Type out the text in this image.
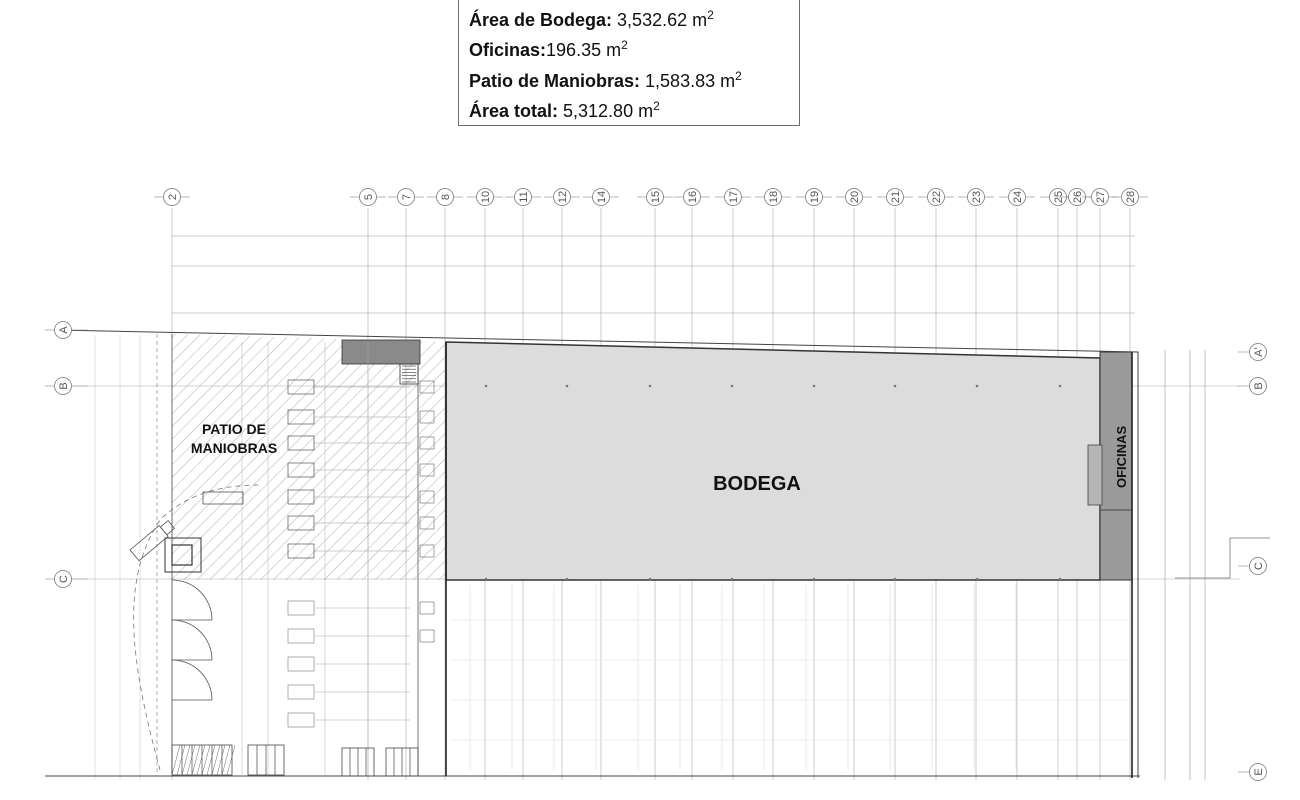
Área de Bodega: 3,532.62 $m^2$
Oficinas:196.35 $m^2$
Patio de Maniobras: 1,583.83 $m^2$
Área total: 5,312.80 $m^2$
2	5 7 8	10 11 12 14	15 16	17	18	19	20	21	22	23	24	25 26 27 28
A
B
C
A'
B
C
E
PATIO DE
MANIOBRAS
BODEGA	OFICINAS
